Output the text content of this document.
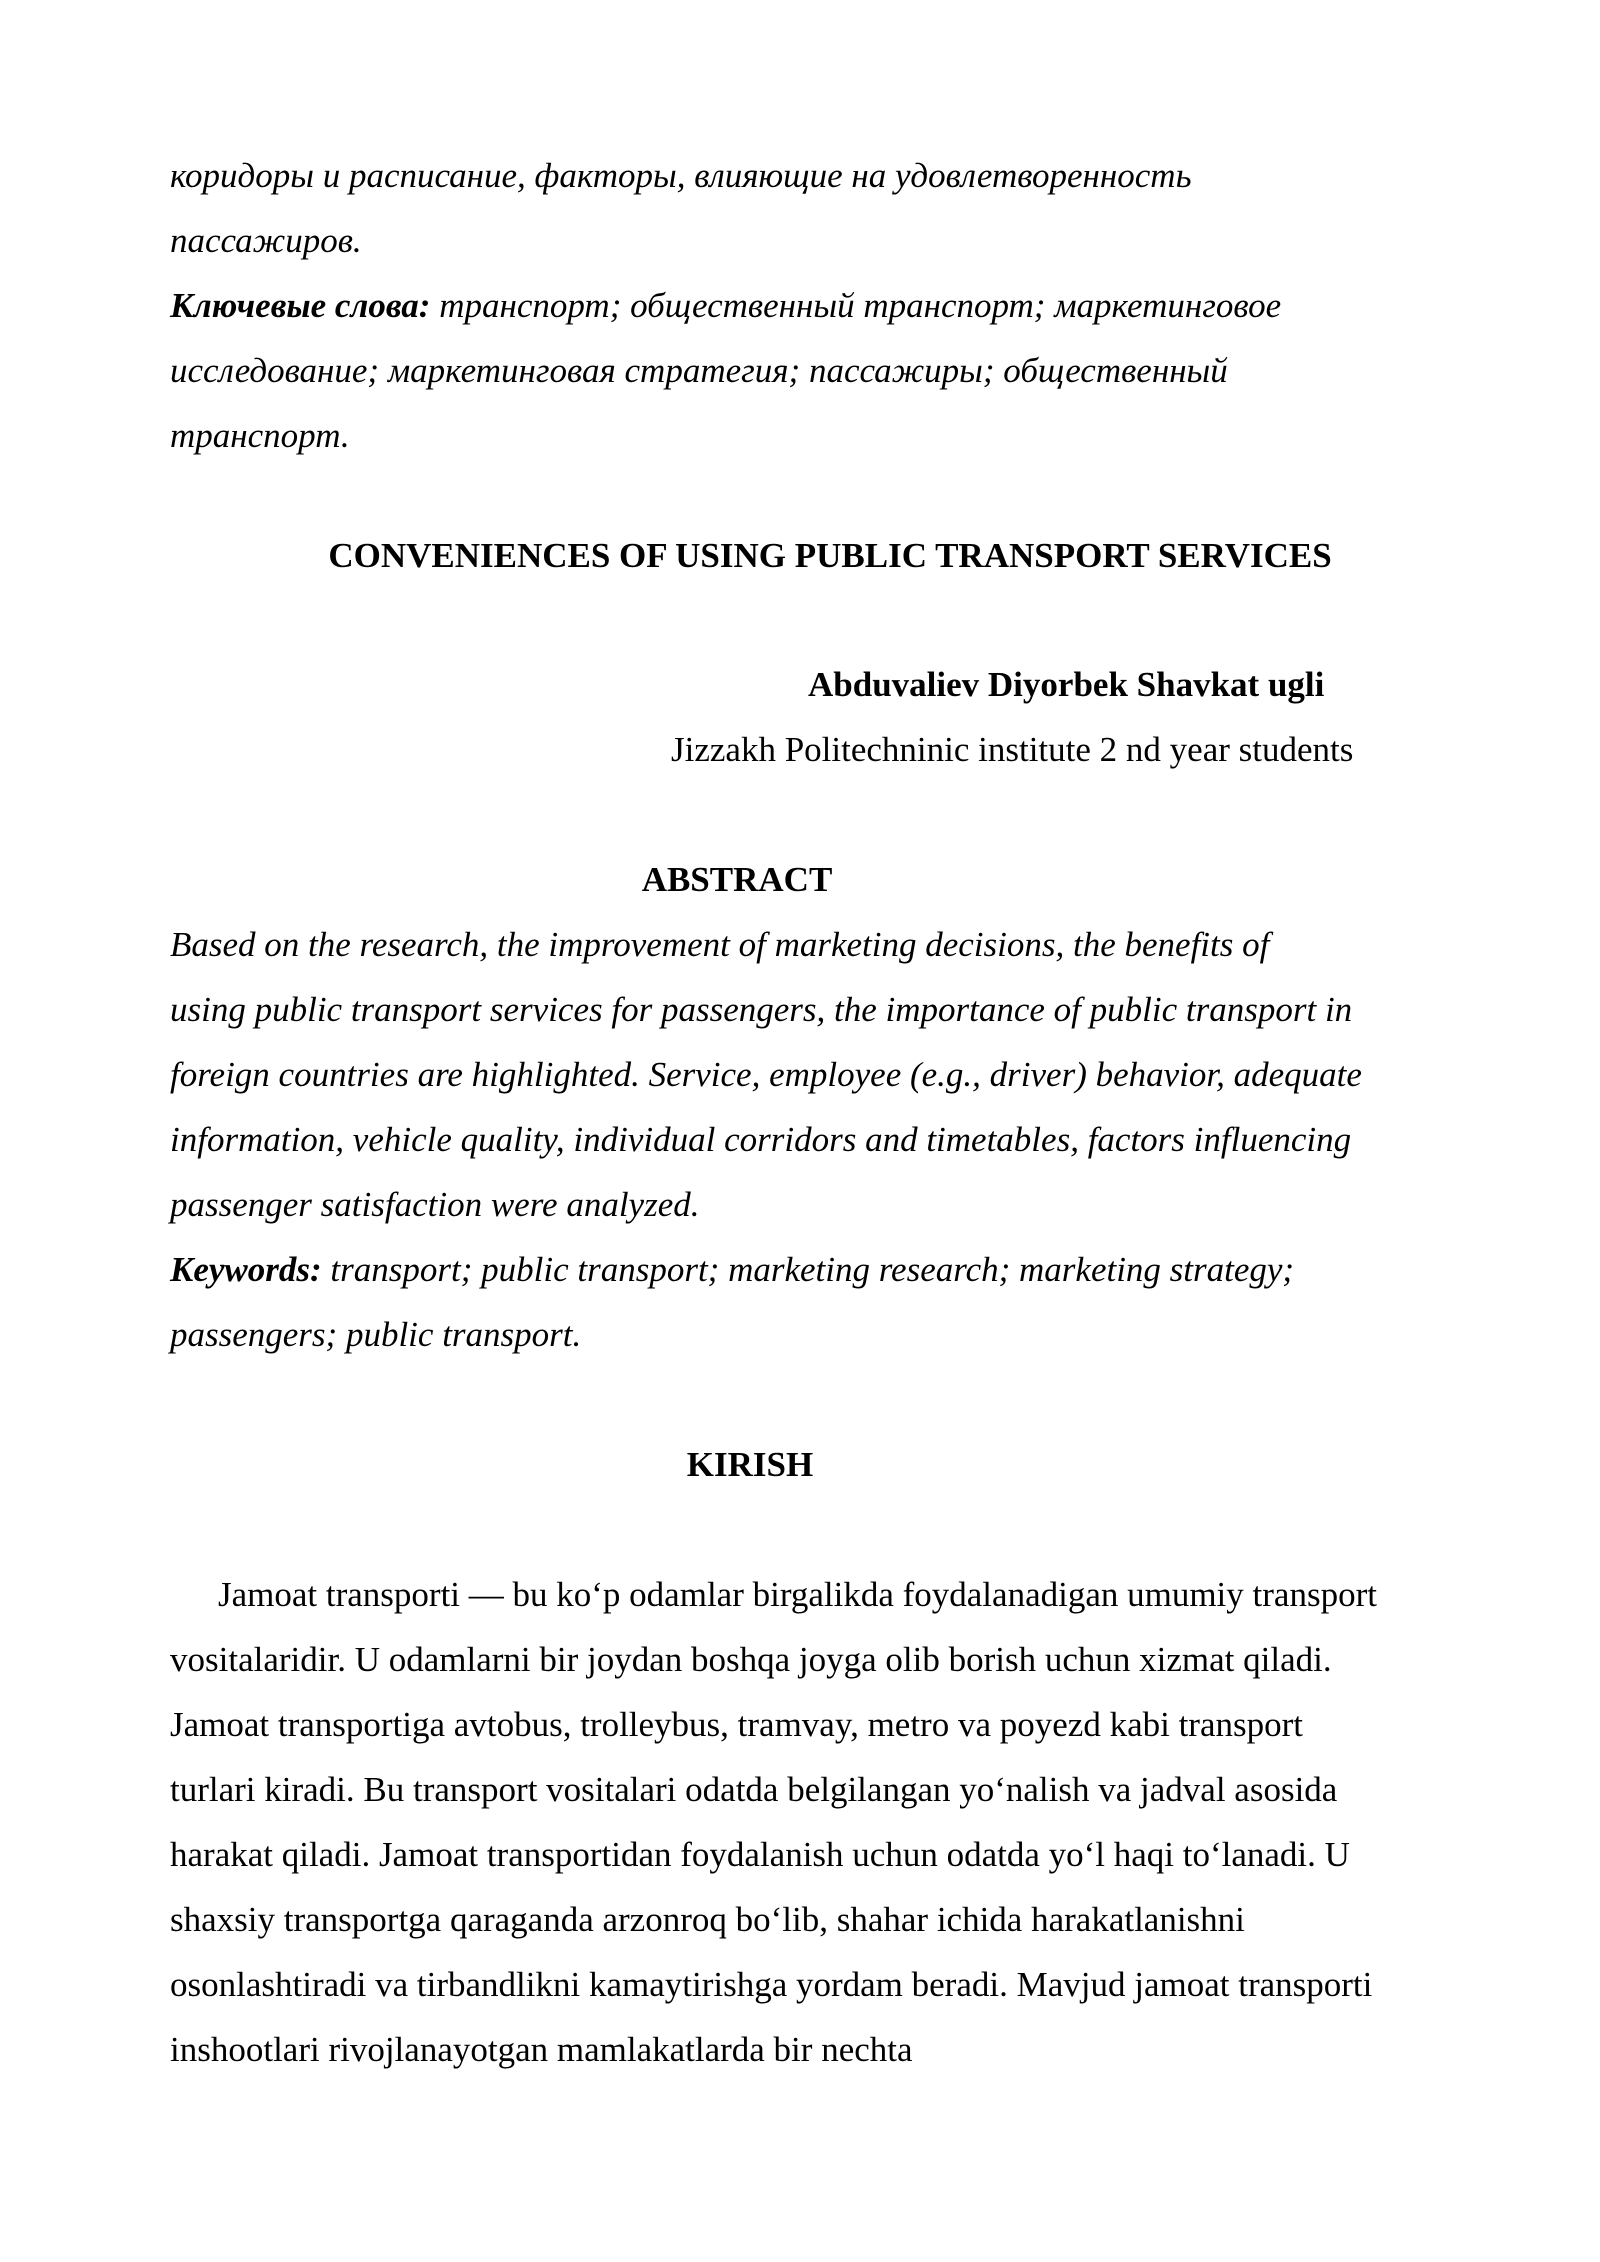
коридоры и расписание, факторы, влияющие на удовлетворенность
пассажиров.
Ключевые слова: транспорт; общественный транспорт; маркетинговое
исследование; маркетинговая стратегия; пассажиры; общественный
транспорт.
CONVENIENCES OF USING PUBLIC TRANSPORT SERVICES
Abduvaliev Diyorbek Shavkat ugli
Jizzakh Politechninic institute 2 nd year students
ABSTRACT
Based on the research, the improvement of marketing decisions, the benefits of
using public transport services for passengers, the importance of public transport in
foreign countries are highlighted. Service, employee (e.g., driver) behavior, adequate
information, vehicle quality, individual corridors and timetables, factors influencing
passenger satisfaction were analyzed.
Keywords: transport; public transport; marketing research; marketing strategy;
passengers; public transport.
KIRISH
Jamoat transporti — bu ko‘p odamlar birgalikda foydalanadigan umumiy transport
vositalaridir. U odamlarni bir joydan boshqa joyga olib borish uchun xizmat qiladi.
Jamoat transportiga avtobus, trolleybus, tramvay, metro va poyezd kabi transport
turlari kiradi. Bu transport vositalari odatda belgilangan yo‘nalish va jadval asosida
harakat qiladi. Jamoat transportidan foydalanish uchun odatda yo‘l haqi to‘lanadi. U
shaxsiy transportga qaraganda arzonroq bo‘lib, shahar ichida harakatlanishni
osonlashtiradi va tirbandlikni kamaytirishga yordam beradi. Mavjud jamoat transporti
inshootlari rivojlanayotgan mamlakatlarda bir nechta
